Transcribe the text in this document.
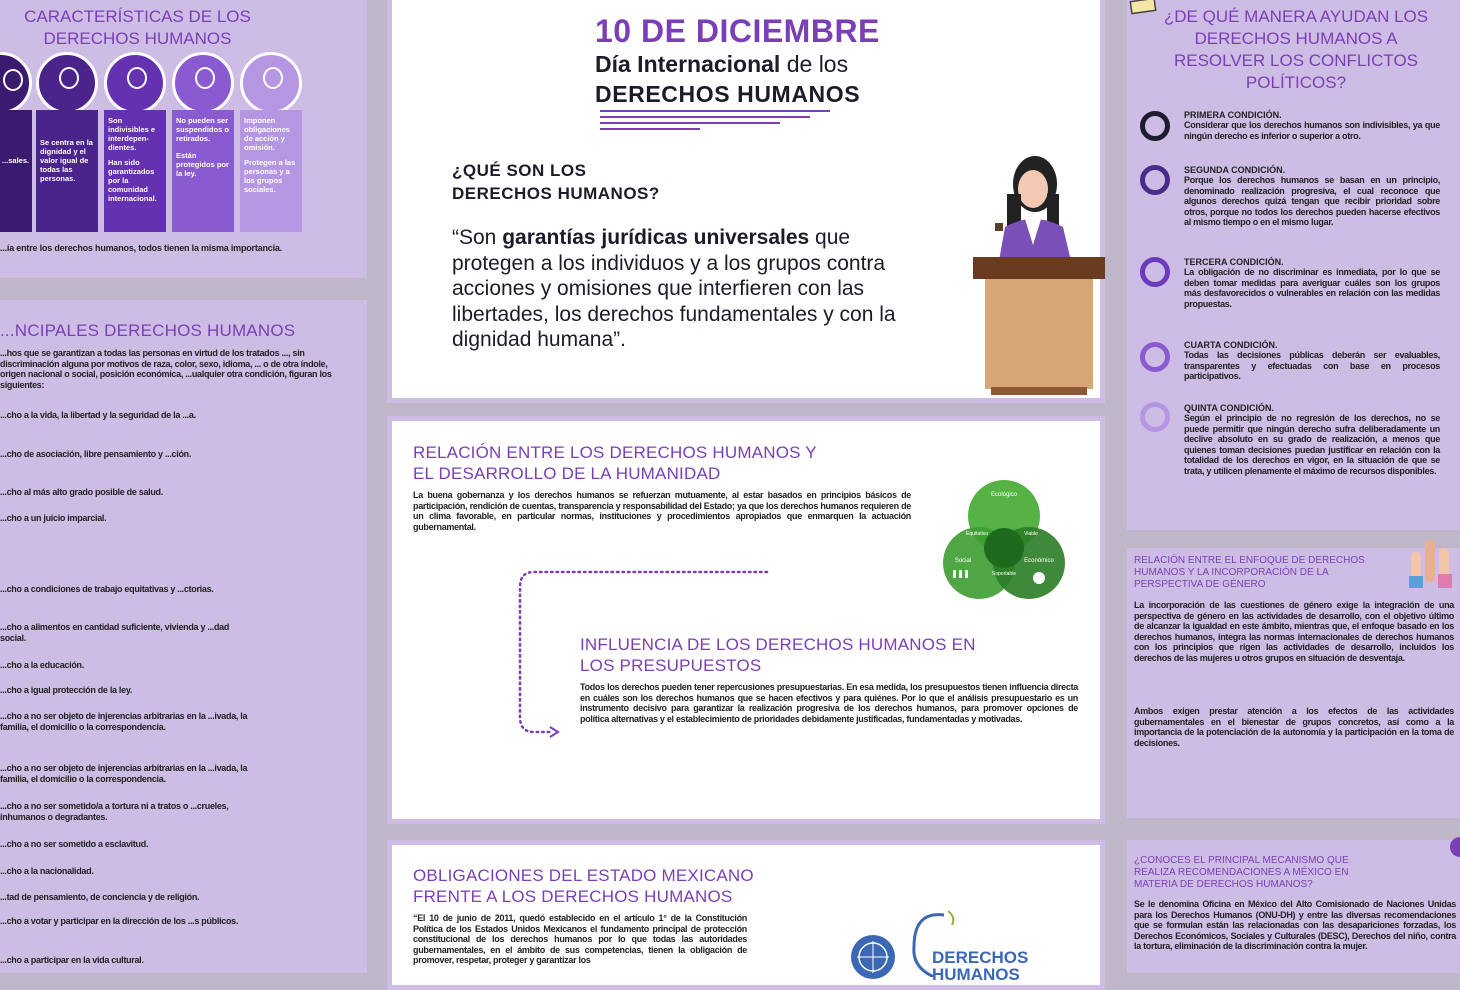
CARACTERÍSTICAS DE LOS
DERECHOS HUMANOS
...sales.
Se centra en la dignidad y el valor igual de todas las personas.
Son indivisibles e interdepen-dientes.
Han sido garantizados por la comunidad internacional.
No pueden ser suspendidos o retirados.
Están protegidos por la ley.
Imponen obligaciones de acción y omisión.
Protegen a las personas y a los grupos sociales.
...ía entre los derechos humanos, todos tienen la misma importancia.
...NCIPALES DERECHOS HUMANOS
...hos que se garantizan a todas las personas en virtud de los tratados ..., sin discriminación alguna por motivos de raza, color, sexo, idioma, ... o de otra índole, origen nacional o social, posición económica, ...ualquier otra condición, figuran los siguientes:
...cho a la vida, la libertad y la seguridad de la ...a.
...cho de asociación, libre pensamiento y ...ción.
...cho al más alto grado posible de salud.
...cho a un juicio imparcial.
...cho a condiciones de trabajo equitativas y ...ctorias.
...cho a alimentos en cantidad suficiente, vivienda y ...dad social.
...cho a la educación.
...cho a igual protección de la ley.
...cho a no ser objeto de injerencias arbitrarias en la ...ivada, la familia, el domicilio o la correspondencia.
...cho a no ser objeto de injerencias arbitrarias en la ...ivada, la familia, el domicilio o la correspondencia.
...cho a no ser sometido/a a tortura ni a tratos o ...crueles, inhumanos o degradantes.
...cho a no ser sometido a esclavitud.
...cho a la nacionalidad.
...tad de pensamiento, de conciencia y de religión.
...cho a votar y participar en la dirección de los ...s públicos.
...cho a participar en la vida cultural.
10 DE DICIEMBRE
Día Internacional de los
DERECHOS HUMANOS
¿QUÉ SON LOS
DERECHOS HUMANOS?
“Son garantías jurídicas universales que protegen a los individuos y a los grupos contra acciones y omisiones que interfieren con las libertades, los derechos fundamentales y con la dignidad humana”.
RELACIÓN ENTRE LOS DERECHOS HUMANOS Y
EL DESARROLLO DE LA HUMANIDAD
La buena gobernanza y los derechos humanos se refuerzan mutuamente, al estar basados en principios básicos de participación, rendición de cuentas, transparencia y responsabilidad del Estado; ya que los derechos humanos requieren de un clima favorable, en particular normas, instituciones y procedimientos apropiados que enmarquen la actuación gubernamental.
Ecológico
Equitativo	Viable
Social
Soportable
Económico
INFLUENCIA DE LOS DERECHOS HUMANOS EN
LOS PRESUPUESTOS
Todos los derechos pueden tener repercusiones presupuestarias. En esa medida, los presupuestos tienen influencia directa en cuáles son los derechos humanos que se hacen efectivos y para quiénes. Por lo que el análisis presupuestario es un instrumento decisivo para garantizar la realización progresiva de los derechos humanos, para promover opciones de política alternativas y el establecimiento de prioridades debidamente justificadas, fundamentadas y motivadas.
OBLIGACIONES DEL ESTADO MEXICANO
FRENTE A LOS DERECHOS HUMANOS
“El 10 de junio de 2011, quedó establecido en el artículo 1° de la Constitución Política de los Estados Unidos Mexicanos el fundamento principal de protección constitucional de los derechos humanos por lo que todas las autoridades gubernamentales, en el ámbito de sus competencias, tienen la obligación de promover, respetar, proteger y garantizar los	DERECHOS
HUMANOS
¿DE QUÉ MANERA AYUDAN LOS DERECHOS HUMANOS A RESOLVER LOS CONFLICTOS POLÍTICOS?
PRIMERA CONDICIÓN.
Considerar que los derechos humanos son indivisibles, ya que ningún derecho es inferior o superior a otro.
SEGUNDA CONDICIÓN.
Porque los derechos humanos se basan en un principio, denominado realización progresiva, el cual reconoce que algunos derechos quizá tengan que recibir prioridad sobre otros, porque no todos los derechos pueden hacerse efectivos al mismo tiempo o en el mismo lugar.
TERCERA CONDICIÓN.
La obligación de no discriminar es inmediata, por lo que se deben tomar medidas para averiguar cuáles son los grupos más desfavorecidos o vulnerables en relación con las medidas propuestas.
CUARTA CONDICIÓN.
Todas las decisiones públicas deberán ser evaluables, transparentes y efectuadas con base en procesos participativos.
QUINTA CONDICIÓN.
Según el principio de no regresión de los derechos, no se puede permitir que ningún derecho sufra deliberadamente un declive absoluto en su grado de realización, a menos que quienes toman decisiones puedan justificar en relación con la totalidad de los derechos en vigor, en la situación de que se trata, y utilicen plenamente el máximo de recursos disponibles.
RELACIÓN ENTRE EL ENFOQUE DE DERECHOS HUMANOS Y LA INCORPORACIÓN DE LA PERSPECTIVA DE GÉNERO
La incorporación de las cuestiones de género exige la integración de una perspectiva de género en las actividades de desarrollo, con el objetivo último de alcanzar la igualdad en este ámbito, mientras que, el enfoque basado en los derechos humanos, integra las normas internacionales de derechos humanos con los principios que rigen las actividades de desarrollo, incluidos los derechos de las mujeres u otros grupos en situación de desventaja.
Ambos exigen prestar atención a los efectos de las actividades gubernamentales en el bienestar de grupos concretos, así como a la importancia de la potenciación de la autonomía y la participación en la toma de decisiones.
¿CONOCES EL PRINCIPAL MECANISMO QUE REALIZA RECOMENDACIONES A MÉXICO EN MATERIA DE DERECHOS HUMANOS?
Se le denomina Oficina en México del Alto Comisionado de Naciones Unidas para los Derechos Humanos (ONU-DH) y entre las diversas recomendaciones que se formulan están las relacionadas con las desapariciones forzadas, los Derechos Económicos, Sociales y Culturales (DESC), Derechos del niño, contra la tortura, eliminación de la discriminación contra la mujer.
